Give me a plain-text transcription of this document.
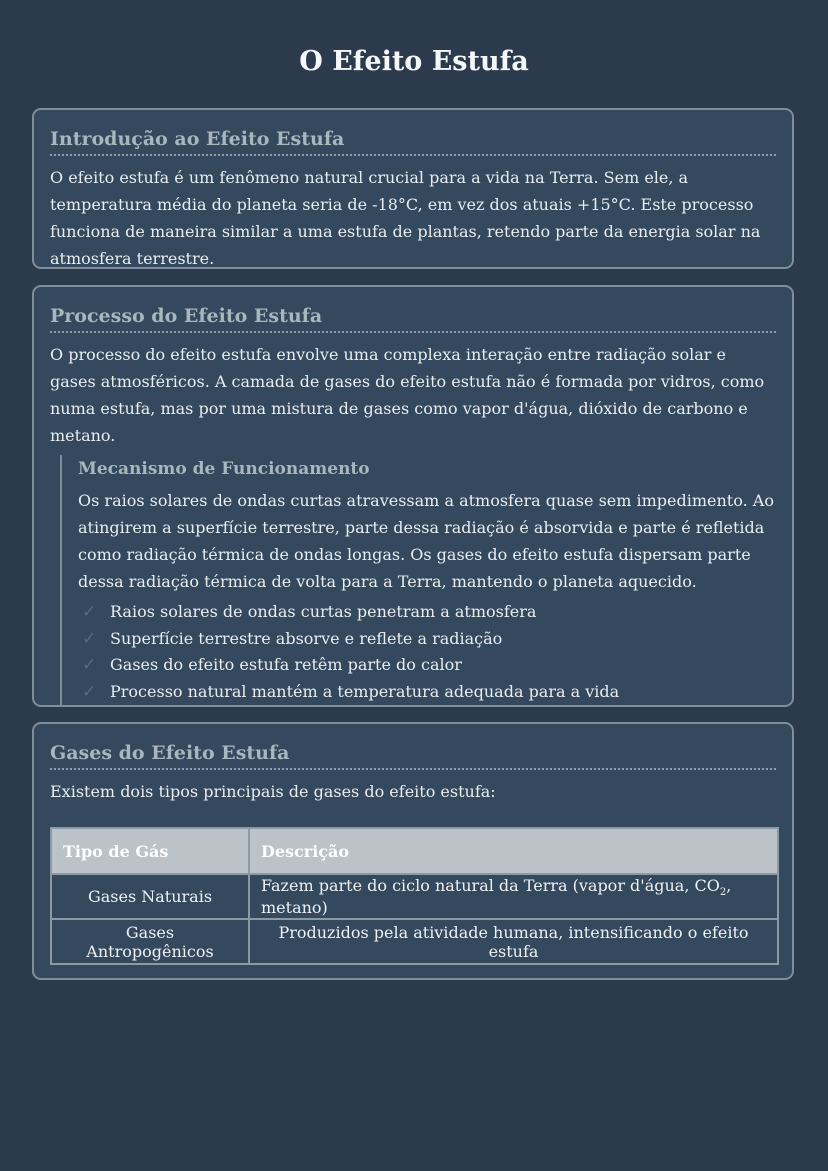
O Efeito Estufa
Introdução ao Efeito Estufa

O efeito estufa é um fenômeno natural crucial para a vida na Terra. Sem ele, a temperatura média do planeta seria de -18°C, em vez dos atuais +15°C. Este processo funciona de maneira similar a uma estufa de plantas, retendo parte da energia solar na atmosfera terrestre.

Processo do Efeito Estufa

O processo do efeito estufa envolve uma complexa interação entre radiação solar e gases atmosféricos. A camada de gases do efeito estufa não é formada por vidros, como numa estufa, mas por uma mistura de gases como vapor d'água, dióxido de carbono e metano.

Mecanismo de Funcionamento

Os raios solares de ondas curtas atravessam a atmosfera quase sem impedimento. Ao atingirem a superfície terrestre, parte dessa radiação é absorvida e parte é refletida como radiação térmica de ondas longas. Os gases do efeito estufa dispersam parte dessa radiação térmica de volta para a Terra, mantendo o planeta aquecido.

✓ Raios solares de ondas curtas penetram a atmosfera
✓ Superfície terrestre absorve e reflete a radiação
✓ Gases do efeito estufa retêm parte do calor
✓ Processo natural mantém a temperatura adequada para a vida
Gases do Efeito Estufa

Existem dois tipos principais de gases do efeito estufa:

Tipo de Gás	Descrição
Gases Naturais	Fazem parte do ciclo natural da Terra (vapor d'água, $CO_2$, metano)
Gases Antropogênicos	Produzidos pela atividade humana, intensificando o efeito estufa
